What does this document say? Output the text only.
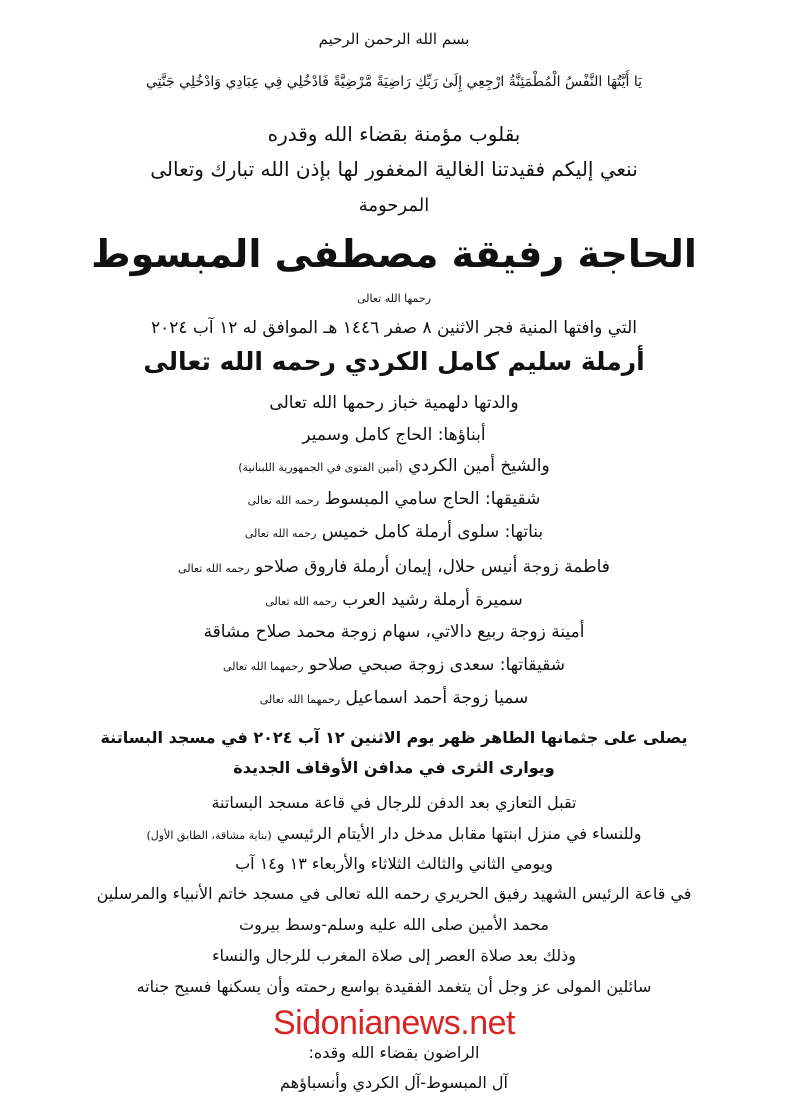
بسم الله الرحمن الرحيم
يَا أَيَّتُهَا النَّفْسُ الْمُطْمَئِنَّةُ ارْجِعِي إِلَىٰ رَبِّكِ رَاضِيَةً مَّرْضِيَّةً فَادْخُلِي فِي عِبَادِي وَادْخُلِي جَنَّتِي
بقلوب مؤمنة بقضاء الله وقدره
ننعي إليكم فقيدتنا الغالية المغفور لها بإذن الله تبارك وتعالى
المرحومة
الحاجة رفيقة مصطفى المبسوط
رحمها الله تعالى
التي وافتها المنية فجر الاثنين ٨ صفر ١٤٤٦ هـ الموافق له ١٢ آب ٢٠٢٤
أرملة سليم كامل الكردي رحمه الله تعالى
والدتها دلهمية خباز رحمها الله تعالى
أبناؤها: الحاج كامل وسمير
والشيخ أمين الكردي (أمين الفتوى في الجمهورية اللبنانية)
شقيقها: الحاج سامي المبسوط رحمه الله تعالى
بناتها: سلوى أرملة كامل خميس رحمه الله تعالى
فاطمة زوجة أنيس حلال، إيمان أرملة فاروق صلاحو رحمه الله تعالى
سميرة أرملة رشيد العرب رحمه الله تعالى
أمينة زوجة ربيع دالاتي، سهام زوجة محمد صلاح مشاقة
شقيقاتها: سعدى زوجة صبحي صلاحو رحمهما الله تعالى
سميا زوجة أحمد اسماعيل رحمهما الله تعالى
يصلى على جثمانها الطاهر ظهر يوم الاثنين ١٢ آب ٢٠٢٤ في مسجد البساتنة
ويوارى الثرى في مدافن الأوقاف الجديدة
تقبل التعازي بعد الدفن للرجال في قاعة مسجد البساتنة
وللنساء في منزل ابنتها مقابل مدخل دار الأيتام الرئيسي (بناية مشاقة، الطابق الأول)
ويومي الثاني والثالث الثلاثاء والأربعاء ١٣ و١٤ آب
في قاعة الرئيس الشهيد رفيق الحريري رحمه الله تعالى في مسجد خاتم الأنبياء والمرسلين
محمد الأمين صلى الله عليه وسلم-وسط بيروت
وذلك بعد صلاة العصر إلى صلاة المغرب للرجال والنساء
سائلين المولى عز وجل أن يتغمد الفقيدة بواسع رحمته وأن يسكنها فسيح جناته
Sidonianews.net
الراضون بقضاء الله وقده:
آل المبسوط-آل الكردي وأنسباؤهم
